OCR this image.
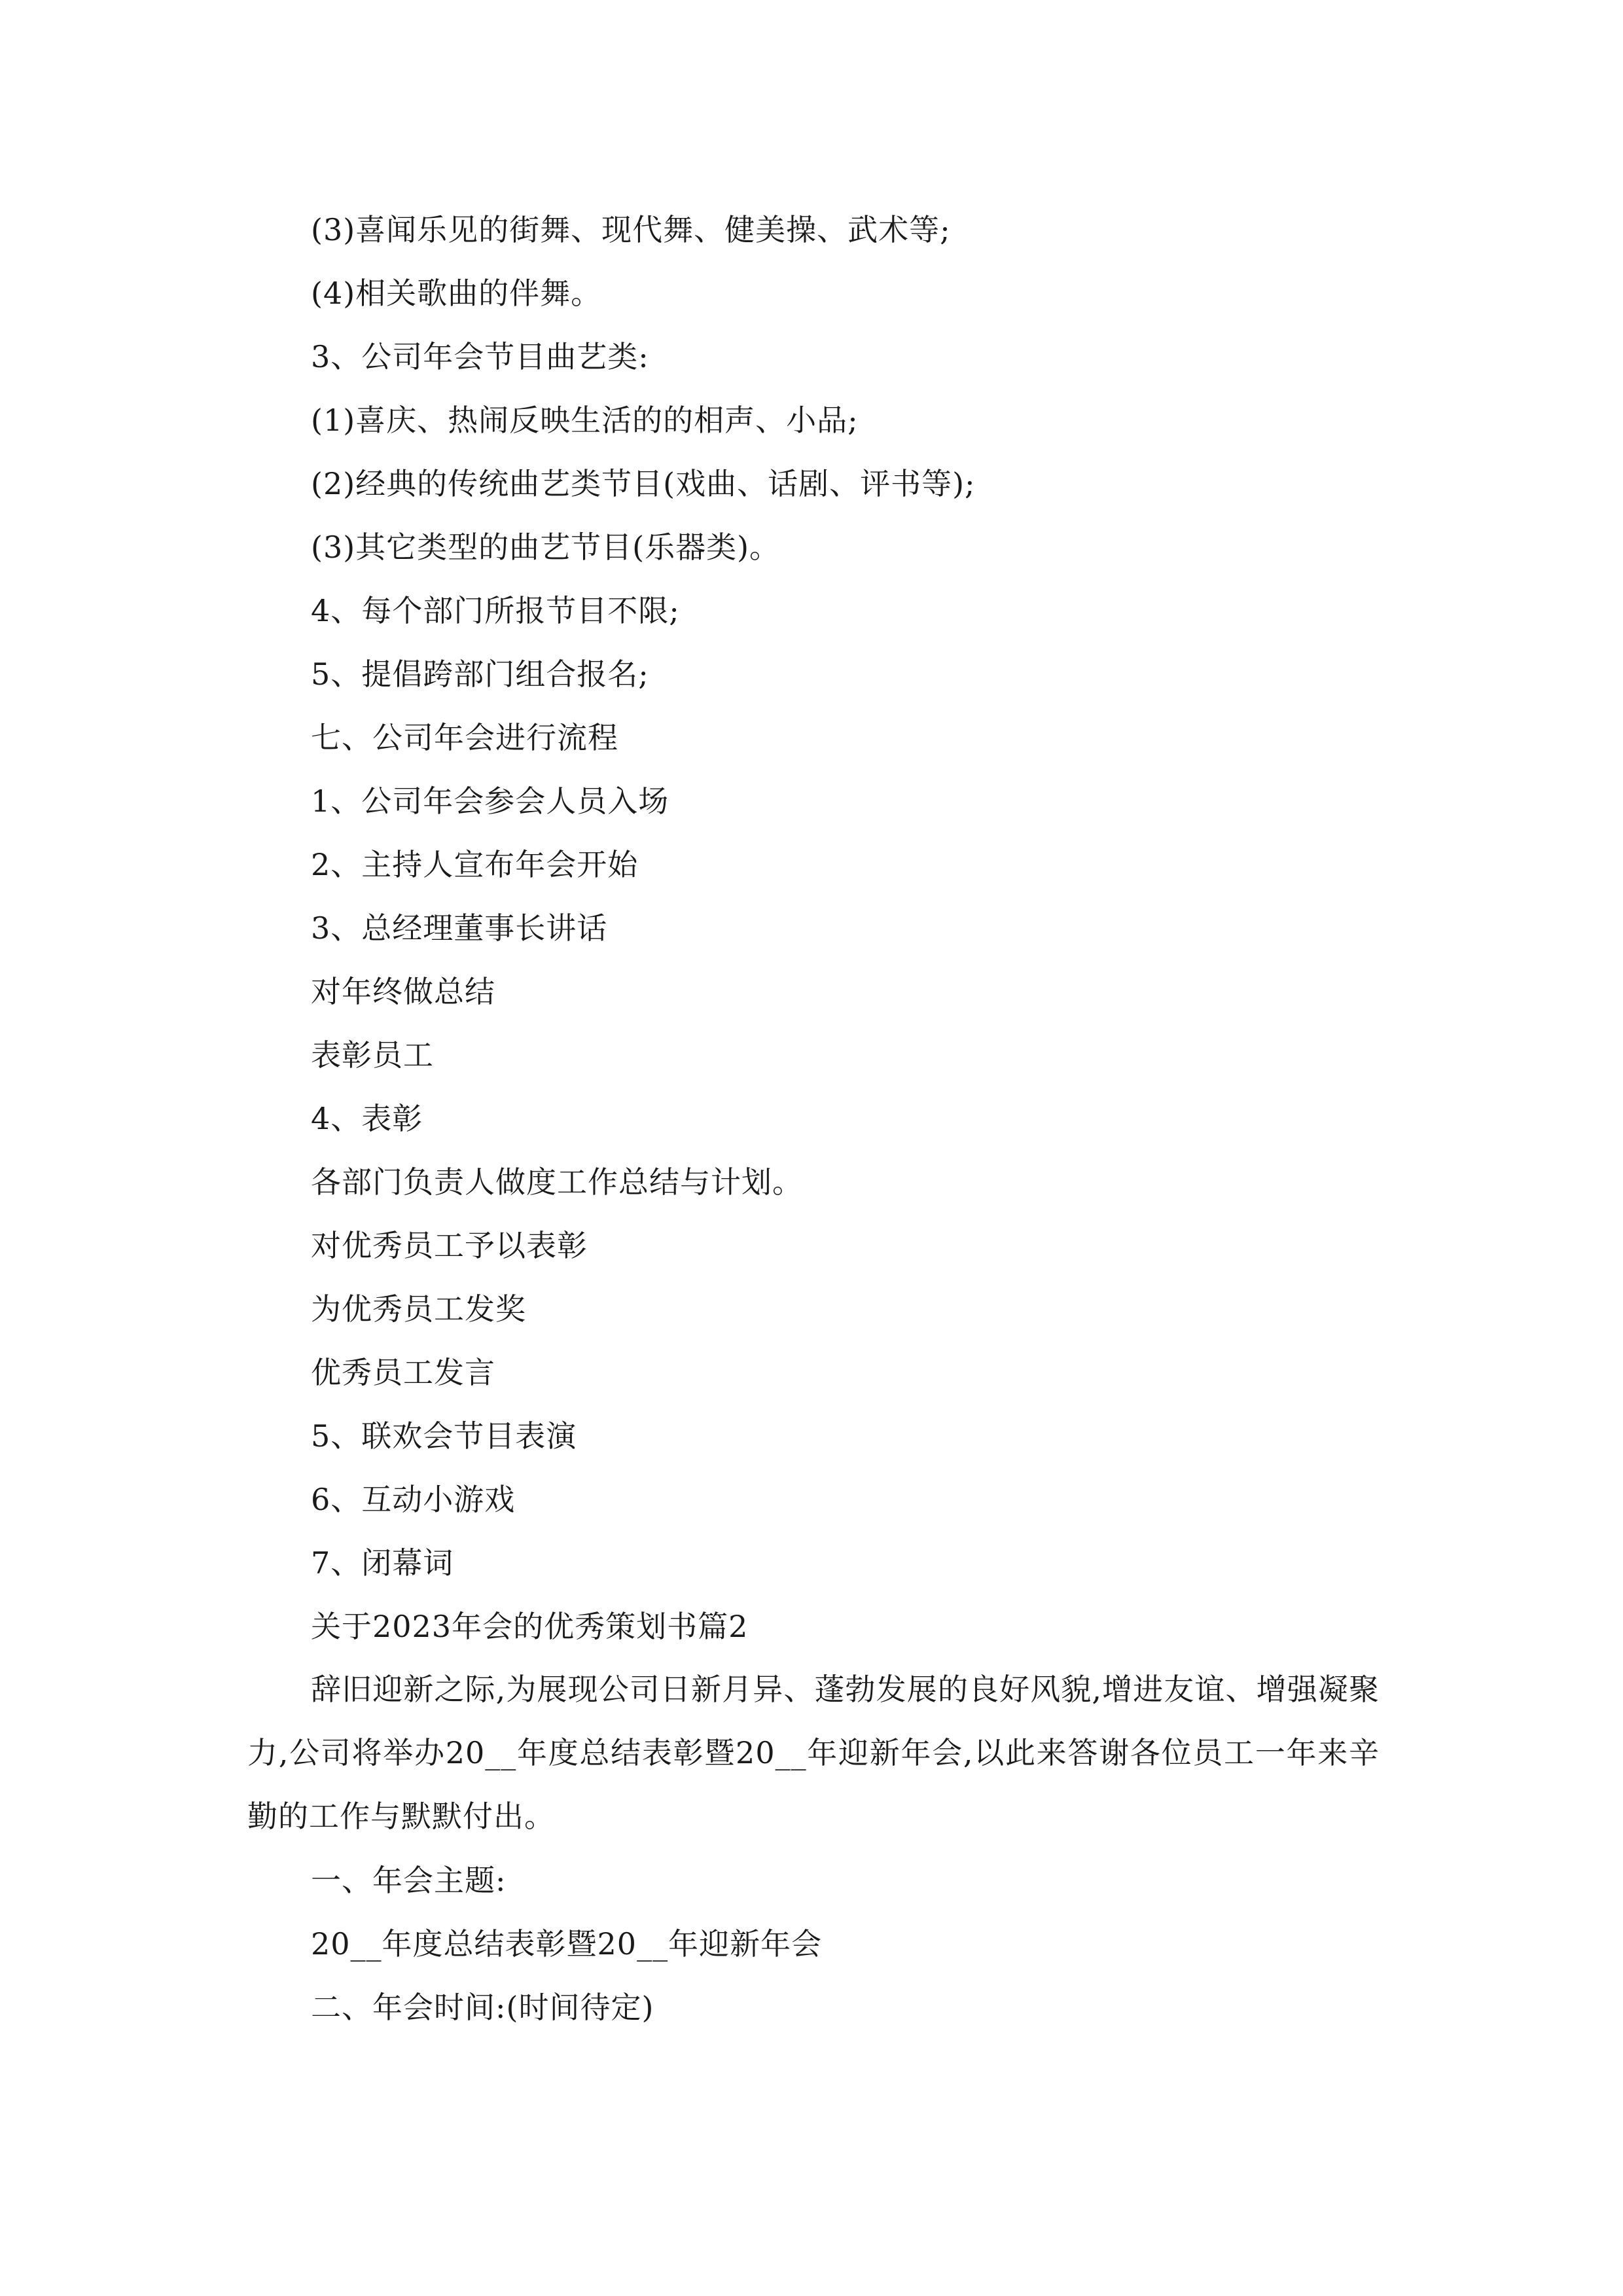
(3)喜闻乐见的街舞、现代舞、健美操、武术等;
(4)相关歌曲的伴舞。
3、公司年会节目曲艺类:
(1)喜庆、热闹反映生活的的相声、小品;
(2)经典的传统曲艺类节目(戏曲、话剧、评书等);
(3)其它类型的曲艺节目(乐器类)。
4、每个部门所报节目不限;
5、提倡跨部门组合报名;
七、公司年会进行流程
1、公司年会参会人员入场
2、主持人宣布年会开始
3、总经理董事长讲话
对年终做总结
表彰员工
4、表彰
各部门负责人做度工作总结与计划。
对优秀员工予以表彰
为优秀员工发奖
优秀员工发言
5、联欢会节目表演
6、互动小游戏
7、闭幕词
关于2023年会的优秀策划书篇2
辞旧迎新之际,为展现公司日新月异、蓬勃发展的良好风貌,增进友谊、增强凝聚力,公司将举办20__年度总结表彰暨20__年迎新年会,以此来答谢各位员工一年来辛勤的工作与默默付出。
一、年会主题:
20__年度总结表彰暨20__年迎新年会
二、年会时间:(时间待定)
